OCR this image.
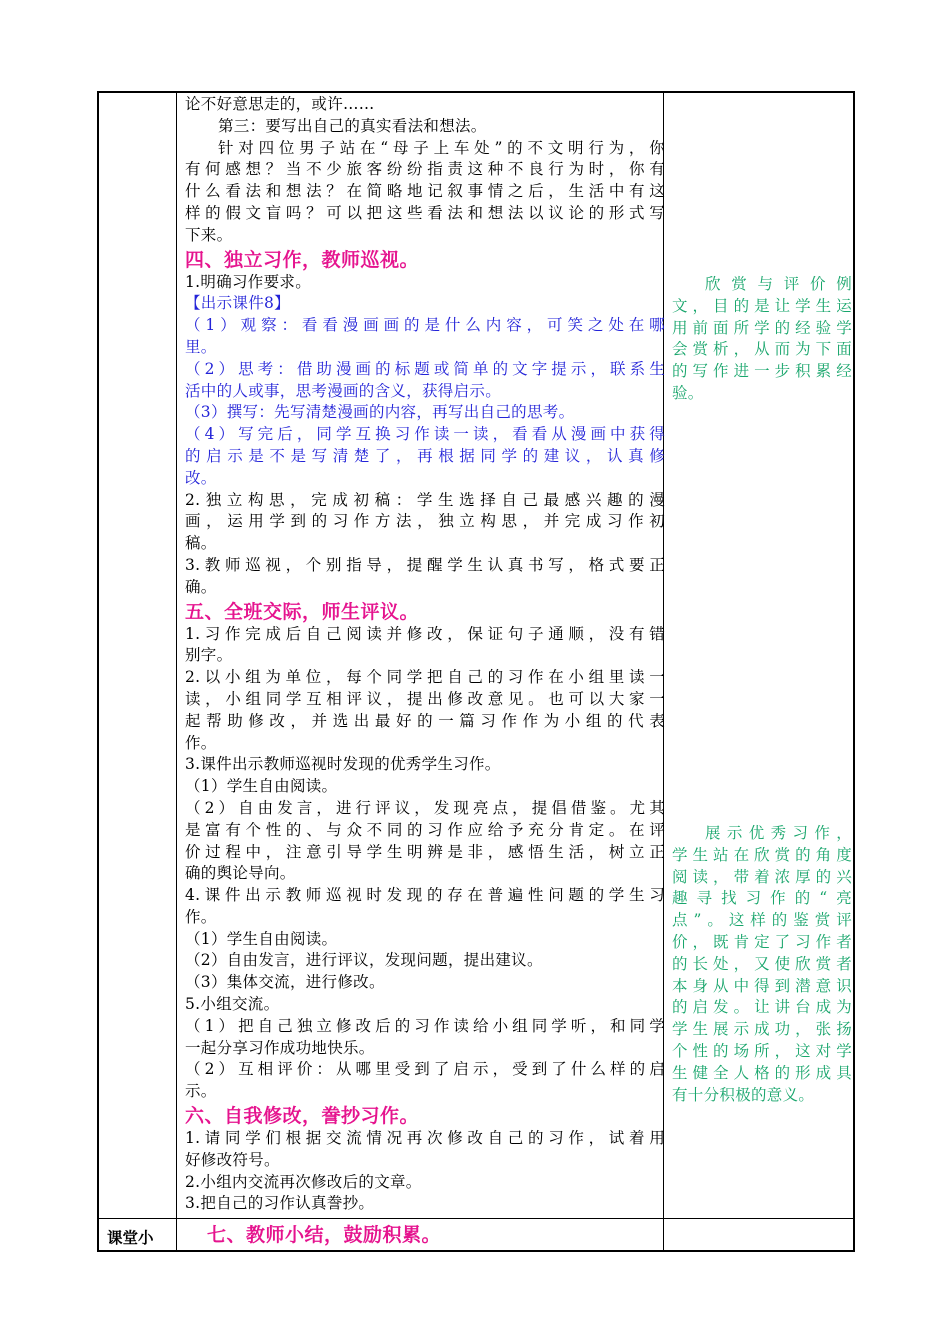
论不好意思走的，或许……
第三：要写出自己的真实看法和想法。
针对四位男子站在“母子上车处”的不文明行为，你
有何感想？当不少旅客纷纷指责这种不良行为时，你有
什么看法和想法？在简略地记叙事情之后，生活中有这
样的假文盲吗？可以把这些看法和想法以议论的形式写
下来。
四、独立习作，教师巡视。
1.明确习作要求。
【出示课件8】
（1）观察：看看漫画画的是什么内容，可笑之处在哪
里。
（2）思考：借助漫画的标题或简单的文字提示，联系生
活中的人或事，思考漫画的含义，获得启示。
（3）撰写：先写清楚漫画的内容，再写出自己的思考。
（4）写完后，同学互换习作读一读，看看从漫画中获得
的启示是不是写清楚了，再根据同学的建议，认真修
改。
2.独立构思，完成初稿：学生选择自己最感兴趣的漫
画，运用学到的习作方法，独立构思，并完成习作初
稿。
3.教师巡视，个别指导，提醒学生认真书写，格式要正
确。
五、全班交际，师生评议。
1.习作完成后自己阅读并修改，保证句子通顺，没有错
别字。
2.以小组为单位，每个同学把自己的习作在小组里读一
读，小组同学互相评议，提出修改意见。也可以大家一
起帮助修改，并选出最好的一篇习作作为小组的代表
作。
3.课件出示教师巡视时发现的优秀学生习作。
（1）学生自由阅读。
（2）自由发言，进行评议，发现亮点，提倡借鉴。尤其
是富有个性的、与众不同的习作应给予充分肯定。在评
价过程中，注意引导学生明辨是非，感悟生活，树立正
确的舆论导向。
4.课件出示教师巡视时发现的存在普遍性问题的学生习
作。
（1）学生自由阅读。
（2）自由发言，进行评议，发现问题，提出建议。
（3）集体交流，进行修改。
5.小组交流。
（1）把自己独立修改后的习作读给小组同学听，和同学
一起分享习作成功地快乐。
（2）互相评价：从哪里受到了启示，受到了什么样的启
示。
六、自我修改，誊抄习作。
1.请同学们根据交流情况再次修改自己的习作，试着用
好修改符号。
2.小组内交流再次修改后的文章。
3.把自己的习作认真誊抄。
欣赏与评价例
文，目的是让学生运
用前面所学的经验学
会赏析，从而为下面
的写作进一步积累经
验。
展示优秀习作，
学生站在欣赏的角度
阅读，带着浓厚的兴
趣寻找习作的“亮
点”。这样的鉴赏评
价，既肯定了习作者
的长处，又使欣赏者
本身从中得到潜意识
的启发。让讲台成为
学生展示成功，张扬
个性的场所，这对学
生健全人格的形成具
有十分积极的意义。
课堂小	七、教师小结，鼓励积累。
